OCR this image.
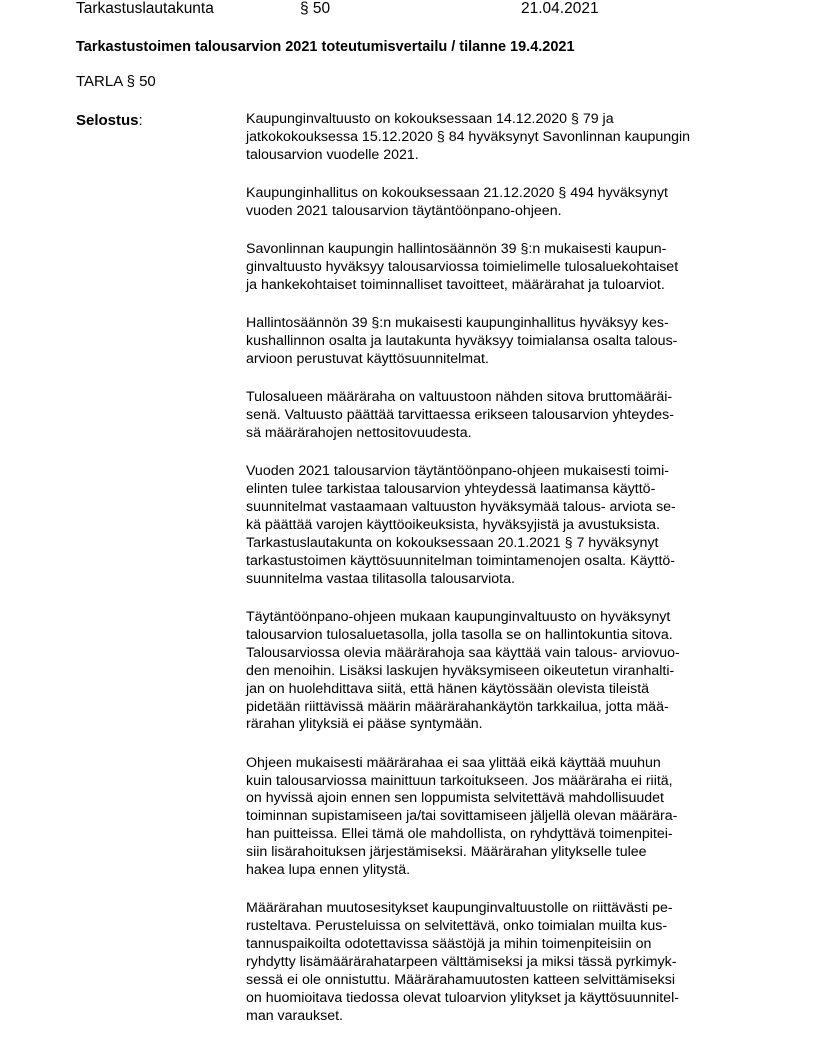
Tarkastuslautakunta	§ 50	21.04.2021
Tarkastustoimen talousarvion 2021 toteutumisvertailu / tilanne 19.4.2021
TARLA § 50
Selostus:	Kaupunginvaltuusto on kokouksessaan 14.12.2020 § 79 ja
jatkokokouksessa 15.12.2020 § 84 hyväksynyt Savonlinnan kaupungin
talousarvion vuodelle 2021.
Kaupunginhallitus on kokouksessaan 21.12.2020 § 494 hyväksynyt
vuoden 2021 talousarvion täytäntöönpano-ohjeen.
Savonlinnan kaupungin hallintosäännön 39 §:n mukaisesti kaupun-
ginvaltuusto hyväksyy talousarviossa toimielimelle tulosaluekohtaiset
ja hankekohtaiset toiminnalliset tavoitteet, määrärahat ja tuloarviot.
Hallintosäännön 39 §:n mukaisesti kaupunginhallitus hyväksyy kes-
kushallinnon osalta ja lautakunta hyväksyy toimialansa osalta talous-
arvioon perustuvat käyttösuunnitelmat.
Tulosalueen määräraha on valtuustoon nähden sitova bruttomääräi-
senä. Valtuusto päättää tarvittaessa erikseen talousarvion yhteydes-
sä määrärahojen nettositovuudesta.
Vuoden 2021 talousarvion täytäntöönpano-ohjeen mukaisesti toimi-
elinten tulee tarkistaa talousarvion yhteydessä laatimansa käyttö-
suunnitelmat vastaamaan valtuuston hyväksymää talous- arviota se-
kä päättää varojen käyttöoikeuksista, hyväksyjistä ja avustuksista.
Tarkastuslautakunta on kokouksessaan 20.1.2021 § 7 hyväksynyt
tarkastustoimen käyttösuunnitelman toimintamenojen osalta. Käyttö-
suunnitelma vastaa tilitasolla talousarviota.
Täytäntöönpano-ohjeen mukaan kaupunginvaltuusto on hyväksynyt
talousarvion tulosaluetasolla, jolla tasolla se on hallintokuntia sitova.
Talousarviossa olevia määrärahoja saa käyttää vain talous- arviovuo-
den menoihin. Lisäksi laskujen hyväksymiseen oikeutetun viranhalti-
jan on huolehdittava siitä, että hänen käytössään olevista tileistä
pidetään riittävissä määrin määrärahankäytön tarkkailua, jotta mää-
rärahan ylityksiä ei pääse syntymään.
Ohjeen mukaisesti määrärahaa ei saa ylittää eikä käyttää muuhun
kuin talousarviossa mainittuun tarkoitukseen. Jos määräraha ei riitä,
on hyvissä ajoin ennen sen loppumista selvitettävä mahdollisuudet
toiminnan supistamiseen ja/tai sovittamiseen jäljellä olevan määrära-
han puitteissa. Ellei tämä ole mahdollista, on ryhdyttävä toimenpitei-
siin lisärahoituksen järjestämiseksi. Määrärahan ylitykselle tulee
hakea lupa ennen ylitystä.
Määrärahan muutosesitykset kaupunginvaltuustolle on riittävästi pe-
rusteltava. Perusteluissa on selvitettävä, onko toimialan muilta kus-
tannuspaikoilta odotettavissa säästöjä ja mihin toimenpiteisiin on
ryhdytty lisämäärärahatarpeen välttämiseksi ja miksi tässä pyrkimyk-
sessä ei ole onnistuttu. Määrärahamuutosten katteen selvittämiseksi
on huomioitava tiedossa olevat tuloarvion ylitykset ja käyttösuunnitel-
man varaukset.
